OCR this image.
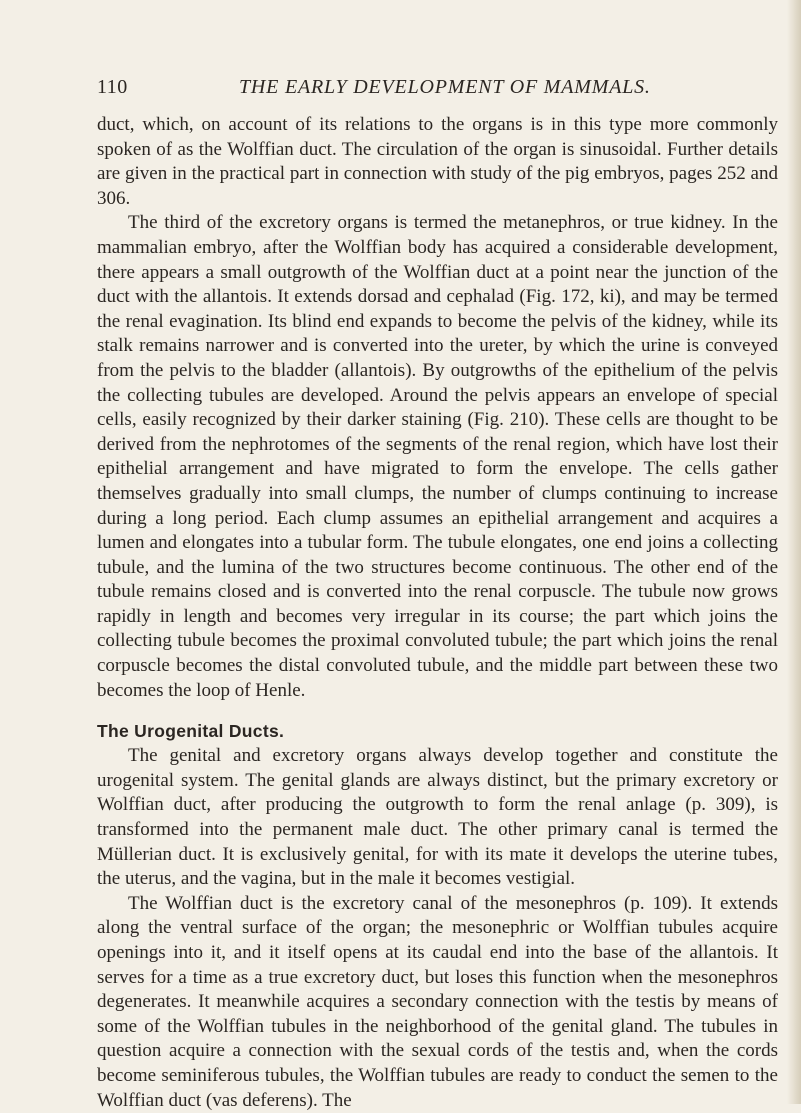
110	THE EARLY DEVELOPMENT OF MAMMALS.

duct, which, on account of its relations to the organs is in this type more commonly spoken of as the Wolffian duct. The circulation of the organ is sinusoidal. Further details are given in the practical part in connection with study of the pig embryos, pages 252 and 306.

The third of the excretory organs is termed the metanephros, or true kidney. In the mammalian embryo, after the Wolffian body has acquired a considerable development, there appears a small outgrowth of the Wolffian duct at a point near the junction of the duct with the allantois. It extends dorsad and cephalad (Fig. 172, ki), and may be termed the renal evagination. Its blind end expands to become the pelvis of the kidney, while its stalk remains narrower and is converted into the ureter, by which the urine is conveyed from the pelvis to the bladder (allantois). By outgrowths of the epithelium of the pelvis the collecting tubules are developed. Around the pelvis appears an envelope of special cells, easily recognized by their darker staining (Fig. 210). These cells are thought to be derived from the nephrotomes of the segments of the renal region, which have lost their epithelial arrangement and have migrated to form the envelope. The cells gather themselves gradually into small clumps, the number of clumps continuing to increase during a long period. Each clump assumes an epithelial arrangement and acquires a lumen and elongates into a tubular form. The tubule elongates, one end joins a collecting tubule, and the lumina of the two structures become continuous. The other end of the tubule remains closed and is converted into the renal corpuscle. The tubule now grows rapidly in length and becomes very irregular in its course; the part which joins the collecting tubule becomes the proximal convoluted tubule; the part which joins the renal corpuscle becomes the distal convoluted tubule, and the middle part between these two becomes the loop of Henle.

The Urogenital Ducts.

The genital and excretory organs always develop together and constitute the urogenital system. The genital glands are always distinct, but the primary excretory or Wolffian duct, after producing the outgrowth to form the renal anlage (p. 309), is transformed into the permanent male duct. The other primary canal is termed the Müllerian duct. It is exclusively genital, for with its mate it develops the uterine tubes, the uterus, and the vagina, but in the male it becomes vestigial.

The Wolffian duct is the excretory canal of the mesonephros (p. 109). It extends along the ventral surface of the organ; the mesonephric or Wolffian tubules acquire openings into it, and it itself opens at its caudal end into the base of the allantois. It serves for a time as a true excretory duct, but loses this function when the mesonephros degenerates. It meanwhile acquires a secondary connection with the testis by means of some of the Wolffian tubules in the neighborhood of the genital gland. The tubules in question acquire a connection with the sexual cords of the testis and, when the cords become seminiferous tubules, the Wolffian tubules are ready to conduct the semen to the Wolffian duct (vas deferens). The
